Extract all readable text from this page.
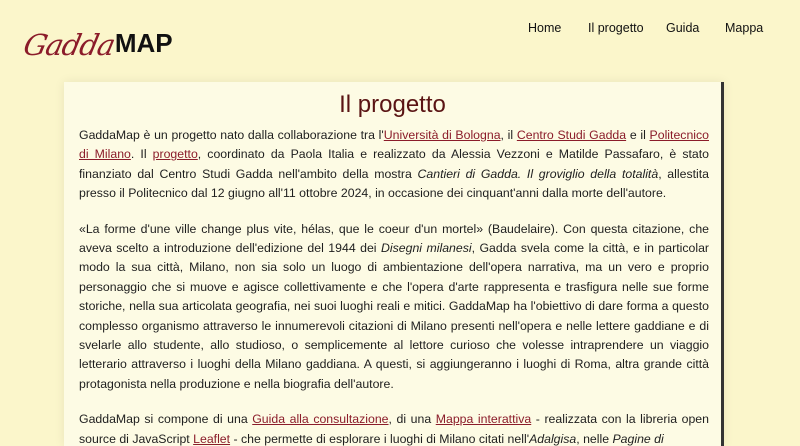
Gadda
MAP	Home Il progetto Guida Mappa
Il progetto

GaddaMap è un progetto nato dalla collaborazione tra l'Università di Bologna, il Centro Studi Gadda e il Politecnico di Milano. Il progetto, coordinato da Paola Italia e realizzato da Alessia Vezzoni e Matilde Passafaro, è stato finanziato dal Centro Studi Gadda nell'ambito della mostra Cantieri di Gadda. Il groviglio della totalità, allestita presso il Politecnico dal 12 giugno all'11 ottobre 2024, in occasione dei cinquant'anni dalla morte dell'autore.

«La forme d'une ville change plus vite, hélas, que le coeur d'un mortel» (Baudelaire). Con questa citazione, che aveva scelto a introduzione dell'edizione del 1944 dei Disegni milanesi, Gadda svela come la città, e in particolar modo la sua città, Milano, non sia solo un luogo di ambientazione dell'opera narrativa, ma un vero e proprio personaggio che si muove e agisce collettivamente e che l'opera d'arte rappresenta e trasfigura nelle sue forme storiche, nella sua articolata geografia, nei suoi luoghi reali e mitici. GaddaMap ha l'obiettivo di dare forma a questo complesso organismo attraverso le innumerevoli citazioni di Milano presenti nell'opera e nelle lettere gaddiane e di svelarle allo studente, allo studioso, o semplicemente al lettore curioso che volesse intraprendere un viaggio letterario attraverso i luoghi della Milano gaddiana. A questi, si aggiungeranno i luoghi di Roma, altra grande città protagonista nella produzione e nella biografia dell'autore.

GaddaMap si compone di una Guida alla consultazione, di una Mappa interattiva - realizzata con la libreria open source di JavaScript Leaflet - che permette di esplorare i luoghi di Milano citati nell'Adalgisa, nelle Pagine di
